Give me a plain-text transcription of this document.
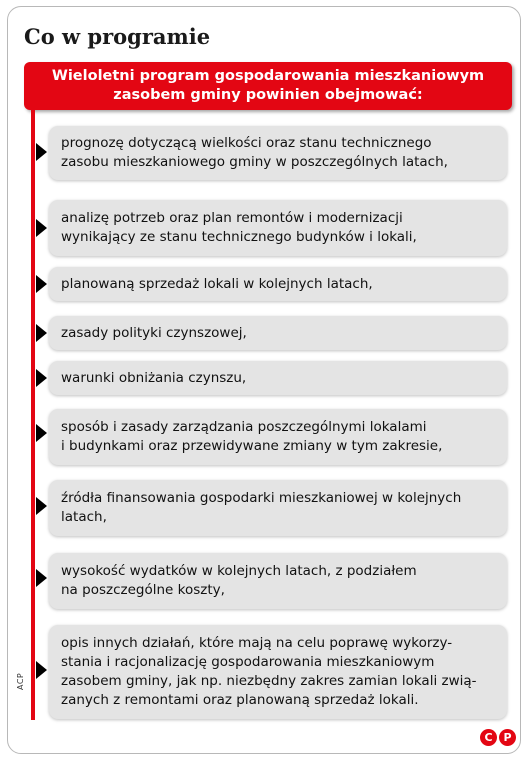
Co w programie
Wieloletni program gospodarowania mieszkaniowym
zasobem gminy powinien obejmować:
prognozę dotyczącą wielkości oraz stanu technicznego
zasobu mieszkaniowego gminy w poszczególnych latach,
analizę potrzeb oraz plan remontów i modernizacji
wynikający ze stanu technicznego budynków i lokali,
planowaną sprzedaż lokali w kolejnych latach,
zasady polityki czynszowej,
warunki obniżania czynszu,
sposób i zasady zarządzania poszczególnymi lokalami
i budynkami oraz przewidywane zmiany w tym zakresie,
źródła finansowania gospodarki mieszkaniowej w kolejnych
latach,
wysokość wydatków w kolejnych latach, z podziałem
na poszczególne koszty,
opis innych działań, które mają na celu poprawę wykorzy-
stania i racjonalizację gospodarowania mieszkaniowym
zasobem gminy, jak np. niezbędny zakres zamian lokali zwią-
zanych z remontami oraz planowaną sprzedaż lokali.
ACP
C P
